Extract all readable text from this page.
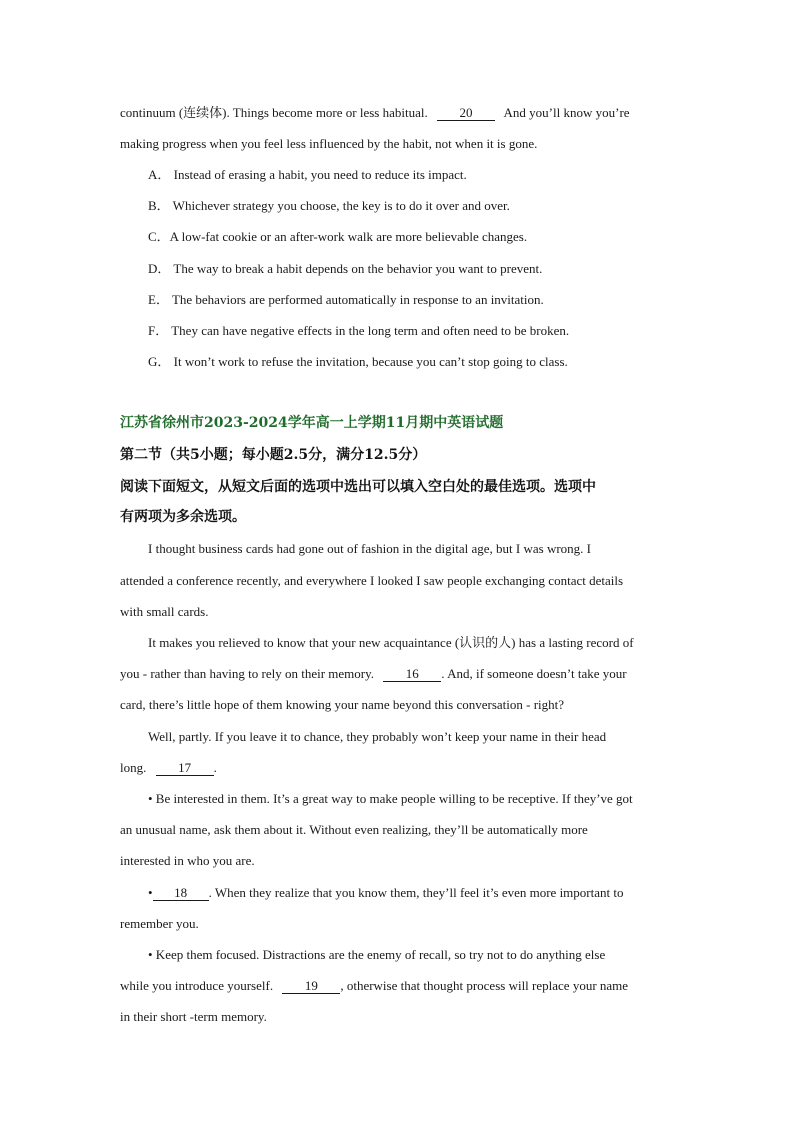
continuum (连续体). Things become more or less habitual. 20 And you’ll know you’re
making progress when you feel less influenced by the habit, not when it is gone.
A． Instead of erasing a habit, you need to reduce its impact.
B． Whichever strategy you choose, the key is to do it over and over.
C．A low-fat cookie or an after-work walk are more believable changes.
D． The way to break a habit depends on the behavior you want to prevent.
E． The behaviors are performed automatically in response to an invitation.
F． They can have negative effects in the long term and often need to be broken.
G． It won’t work to refuse the invitation, because you can’t stop going to class.
江苏省徐州市2023-2024学年高一上学期11月期中英语试题
第二节（共5小题；每小题2.5分，满分12.5分）
阅读下面短文，从短文后面的选项中选出可以填入空白处的最佳选项。选项中
有两项为多余选项。
I thought business cards had gone out of fashion in the digital age, but I was wrong. I
attended a conference recently, and everywhere I looked I saw people exchanging contact details
with small cards.
It makes you relieved to know that your new acquaintance (认识的人) has a lasting record of
you - rather than having to rely on their memory. 16 . And, if someone doesn’t take your
card, there’s little hope of them knowing your name beyond this conversation - right?
Well, partly. If you leave it to chance, they probably won’t keep your name in their head
long. 17 .
• Be interested in them. It’s a great way to make people willing to be receptive. If they’ve got
an unusual name, ask them about it. Without even realizing, they’ll be automatically more
interested in who you are.
• 18 . When they realize that you know them, they’ll feel it’s even more important to
remember you.
• Keep them focused. Distractions are the enemy of recall, so try not to do anything else
while you introduce yourself. 19 , otherwise that thought process will replace your name
in their short -term memory.
